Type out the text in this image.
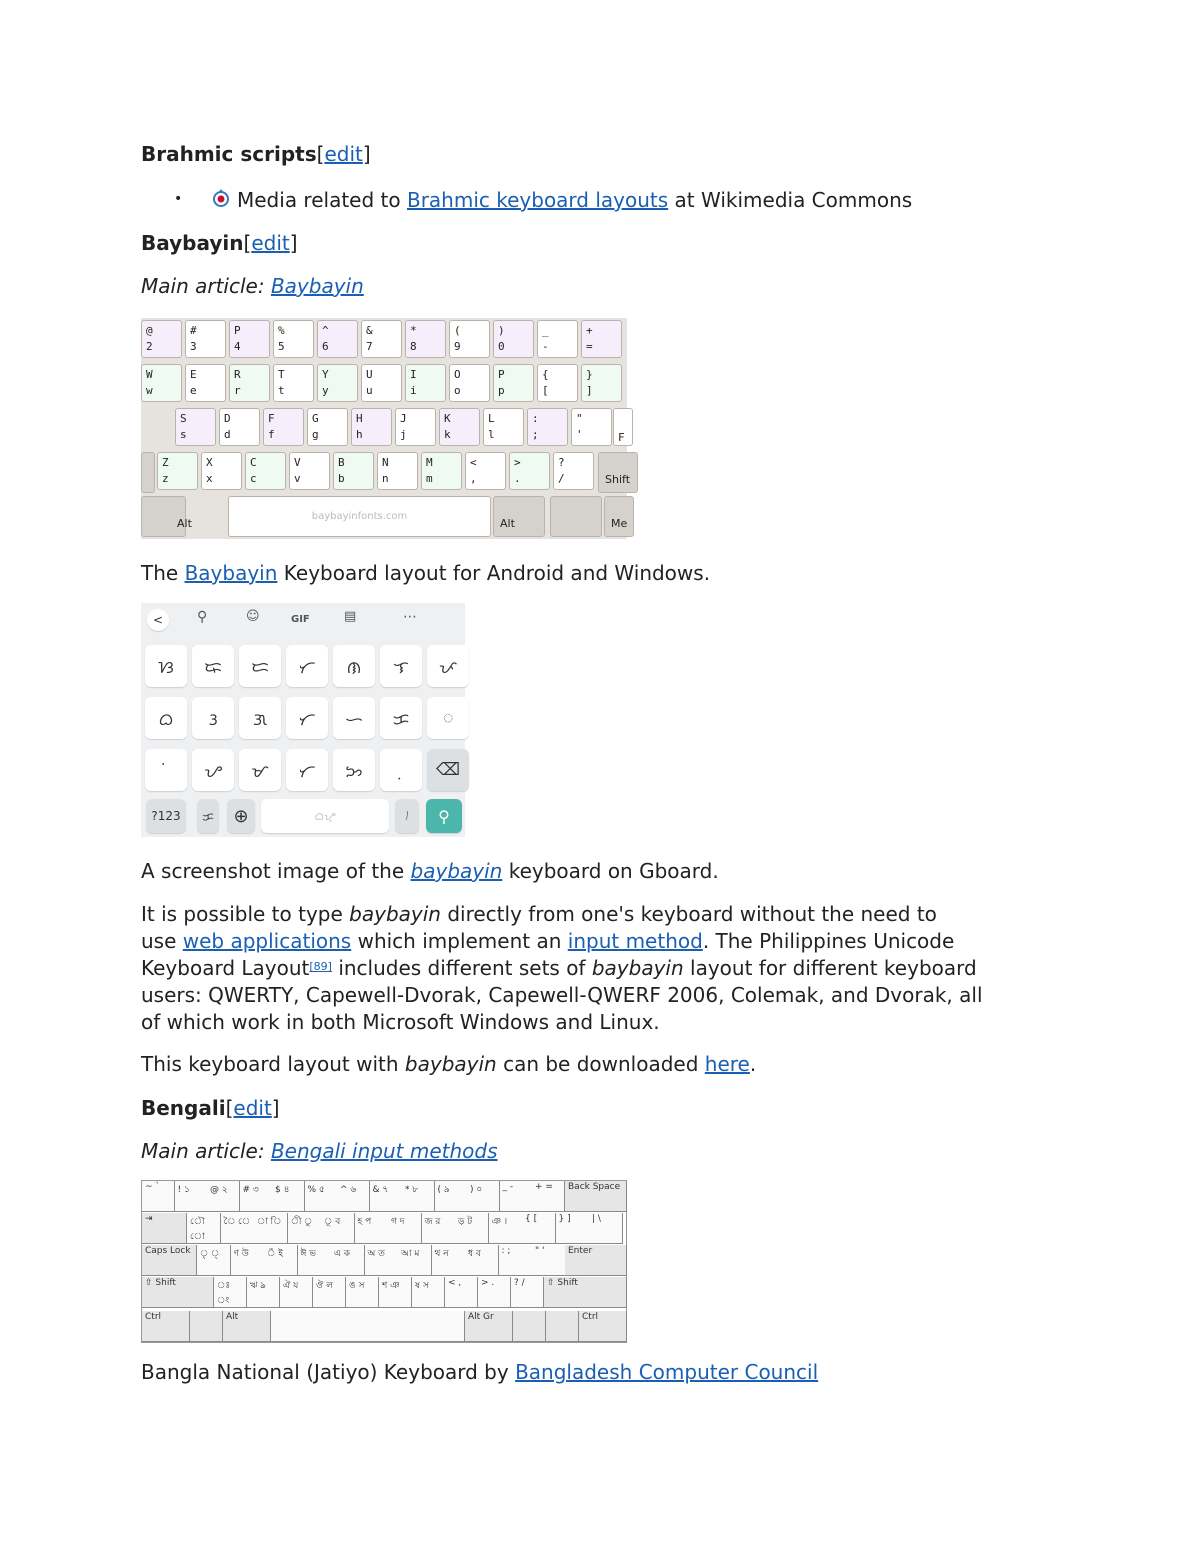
Brahmic scripts[edit]
•	Media related to Brahmic keyboard layouts at Wikimedia Commons
Baybayin[edit]
Main article: Baybayin
@
2
#
3
P
4
%
5
^
6
&
7
*
8
(
9
)
0
_
-
+
=
W
w
E
e
R
r
T
t
Y
y
U
u
I
i
O
o
P
p
{
[
}
]
S
s
D
d
F
f
G
g
H
h
J
j
K
k
L
l
:
;
"
'
Z
z
X
x
C
c
V
v
B
b
N
n
M
m
<
,
>
.
?
/
Alt
baybayinfonts.com
Alt	Me
Shift
F
The Baybayin Keyboard layout for Android and Windows.
<	⚲	☺	GIF	▤	⋯
ᜐ	ᜍ	ᜇ	ᜆ	ᜈ	ᜎ	ᜉ
ᜊ	ᜂ	ᜄ	ᜆ	ᜑ	ᜃ	ᜀ
ᜌ	ᜋ	ᜆ	ᜅ	⌫
?123	ᜃ	⊕	ᜊᜌ᜔	᜵	⚲
A screenshot image of the baybayin keyboard on Gboard.
It is possible to type baybayin directly from one's keyboard without the need to
use web applications which implement an input method. The Philippines Unicode
Keyboard Layout[89] includes different sets of baybayin layout for different keyboard
users: QWERTY, Capewell-Dvorak, Capewell-QWERF 2006, Colemak, and Dvorak, all
of which work in both Microsoft Windows and Linux.
This keyboard layout with baybayin can be downloaded here.
Bengali[edit]
Main article: Bengali input methods
~ `	! ১	@ ২	# ৩	$ ৪	% ৫	^ ৬	& ৭	* ৮	( ৯	) ০	_ -	+ =	Back Space
⇥	ৌ ো
ৈ ে া ি ী ু	ূ ব	হ প	গ দ	জ র	ড় ট	ঞ ।	{ [	} ]	| \
Caps Lock	ৃ ্	ণ উ	ঁ ই	ঈ ভ	এ ক	অ ত	আ ম	থ ন	ধ ব	: ;	" '	Enter
⇧ Shift	ঃ ং
ঋ ঌ	ঐ য	ঔ ল	ঙ স	শ ঞ	ষ স	< ,	> .	? /	⇧ Shift
Ctrl	Alt	Alt Gr	Ctrl
Bangla National (Jatiyo) Keyboard by Bangladesh Computer Council
